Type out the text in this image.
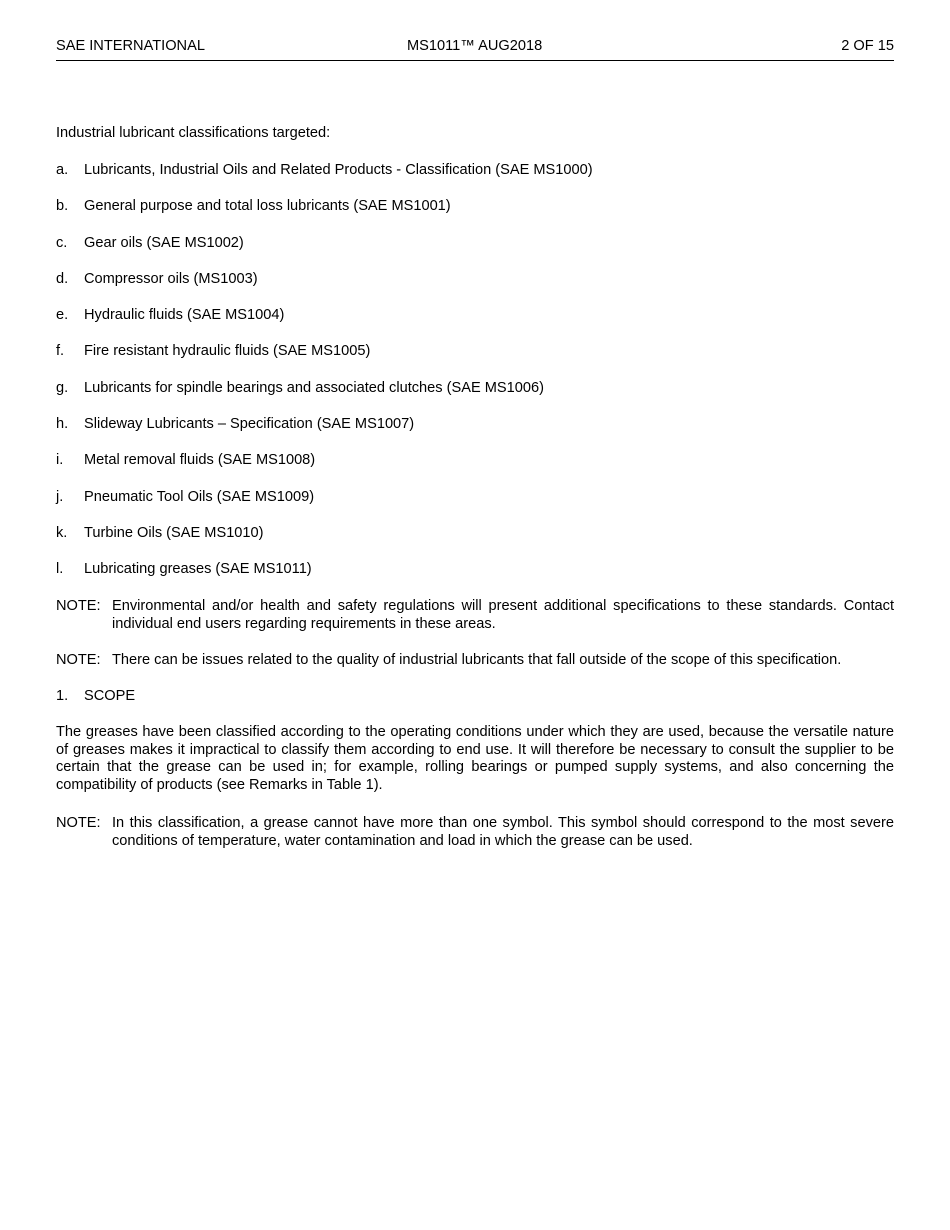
SAE INTERNATIONAL	MS1011™ AUG2018	2 OF 15
Industrial lubricant classifications targeted:
a. Lubricants, Industrial Oils and Related Products - Classification (SAE MS1000)
b. General purpose and total loss lubricants (SAE MS1001)
c. Gear oils (SAE MS1002)
d. Compressor oils (MS1003)
e. Hydraulic fluids (SAE MS1004)
f. Fire resistant hydraulic fluids (SAE MS1005)
g. Lubricants for spindle bearings and associated clutches (SAE MS1006)
h. Slideway Lubricants – Specification (SAE MS1007)
i. Metal removal fluids (SAE MS1008)
j. Pneumatic Tool Oils (SAE MS1009)
k. Turbine Oils (SAE MS1010)
l. Lubricating greases (SAE MS1011)
NOTE: Environmental and/or health and safety regulations will present additional specifications to these standards. Contact individual end users regarding requirements in these areas.
NOTE: There can be issues related to the quality of industrial lubricants that fall outside of the scope of this specification.
1. SCOPE
The greases have been classified according to the operating conditions under which they are used, because the versatile nature of greases makes it impractical to classify them according to end use. It will therefore be necessary to consult the supplier to be certain that the grease can be used in; for example, rolling bearings or pumped supply systems, and also concerning the compatibility of products (see Remarks in Table 1).
NOTE: In this classification, a grease cannot have more than one symbol. This symbol should correspond to the most severe conditions of temperature, water contamination and load in which the grease can be used.
